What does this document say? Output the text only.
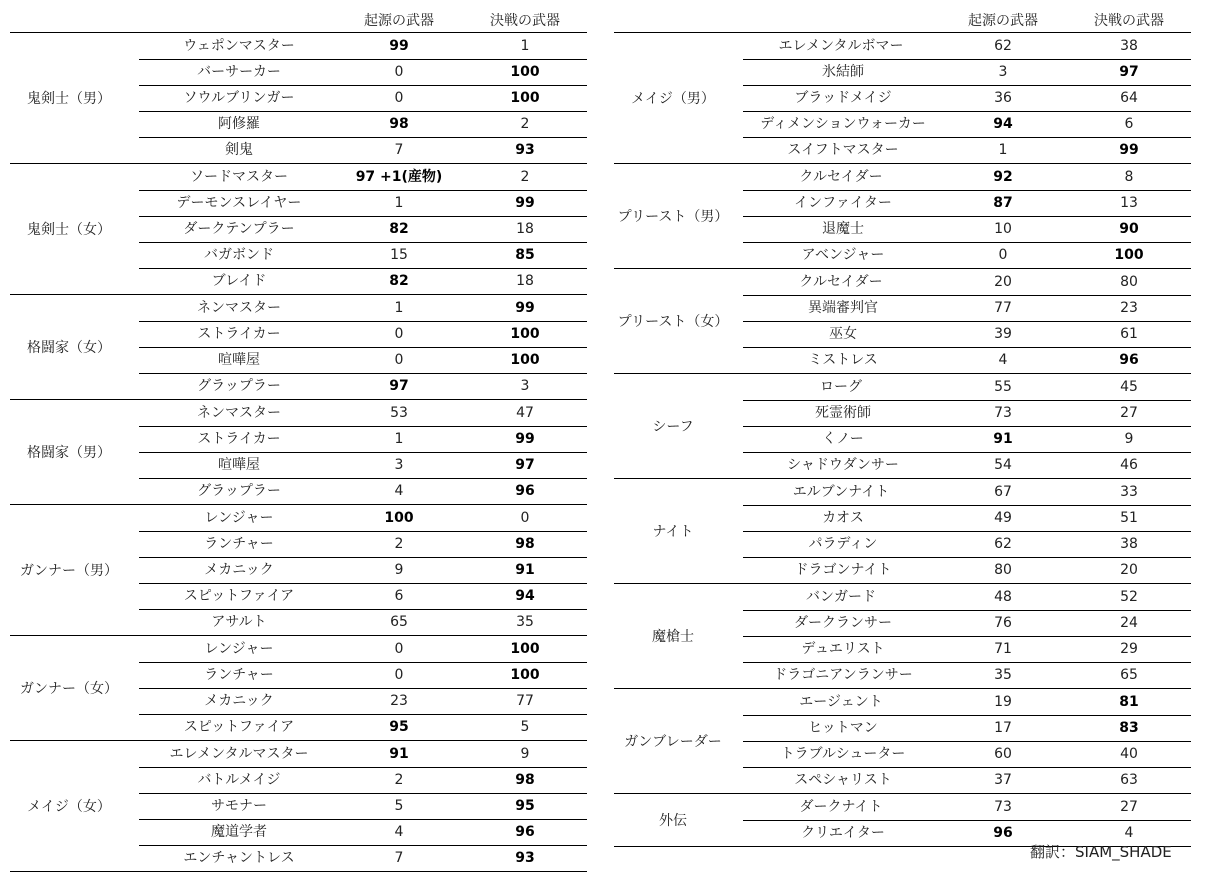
起源の武器	決戦の武器
鬼剣士（男）
ウェポンマスター	99	1
バーサーカー	0	100
ソウルブリンガー	0	100
阿修羅	98	2
剣鬼	7	93
鬼剣士（女）
ソードマスター	97 +1(産物)	2
デーモンスレイヤー	1	99
ダークテンプラー	82	18
バガボンド	15	85
ブレイド	82	18
格闘家（女）
ネンマスター	1	99
ストライカー	0	100
喧嘩屋	0	100
グラップラー	97	3
格闘家（男）
ネンマスター	53	47
ストライカー	1	99
喧嘩屋	3	97
グラップラー	4	96
ガンナー（男）
レンジャー	100	0
ランチャー	2	98
メカニック	9	91
スピットファイア	6	94
アサルト	65	35
ガンナー（女）
レンジャー	0	100
ランチャー	0	100
メカニック	23	77
スピットファイア	95	5
メイジ（女）
エレメンタルマスター	91	9
バトルメイジ	2	98
サモナー	5	95
魔道学者	4	96
エンチャントレス	7	93
起源の武器	決戦の武器
メイジ（男）
エレメンタルボマー	62	38
氷結師	3	97
ブラッドメイジ	36	64
ディメンションウォーカー	94	6
スイフトマスター	1	99
プリースト（男）
クルセイダー	92	8
インファイター	87	13
退魔士	10	90
アベンジャー	0	100
プリースト（女）
クルセイダー	20	80
異端審判官	77	23
巫女	39	61
ミストレス	4	96
シーフ
ローグ	55	45
死霊術師	73	27
くノー	91	9
シャドウダンサー	54	46
ナイト
エルブンナイト	67	33
カオス	49	51
パラディン	62	38
ドラゴンナイト	80	20
魔槍士
バンガード	48	52
ダークランサー	76	24
デュエリスト	71	29
ドラゴニアンランサー	35	65
ガンブレーダー
エージェント	19	81
ヒットマン	17	83
トラブルシューター	60	40
スペシャリスト	37	63
外伝
ダークナイト	73	27
クリエイター	96	4
翻訳：SIAM_SHADE
